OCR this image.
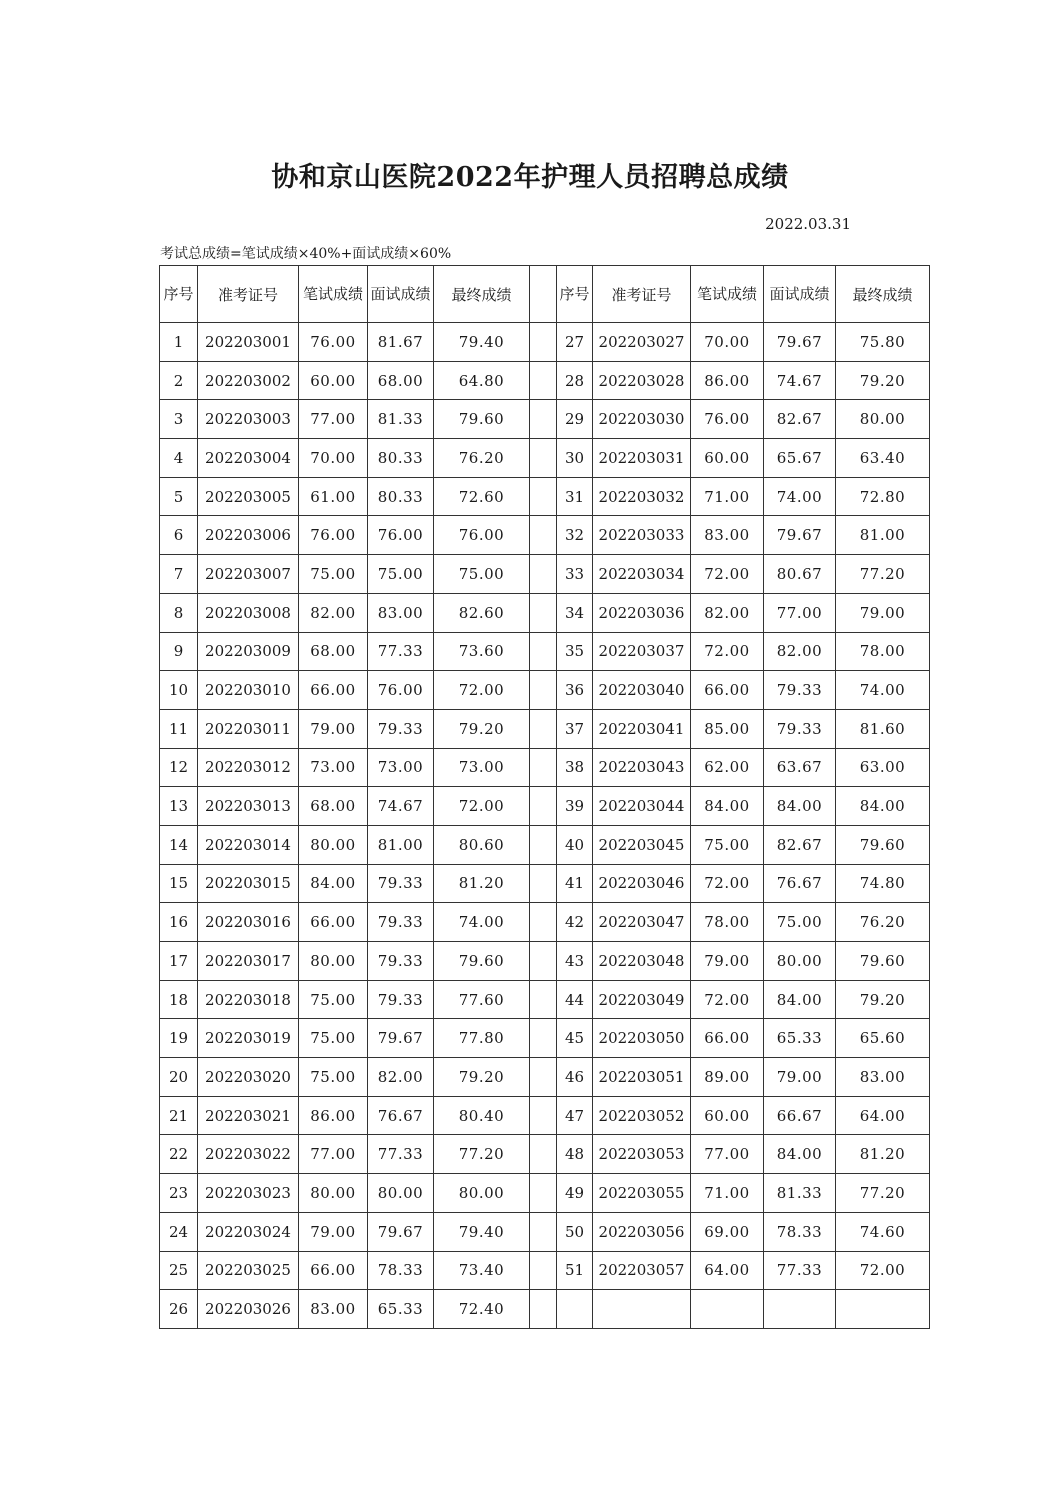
协和京山医院2022年护理人员招聘总成绩
2022.03.31
考试总成绩=笔试成绩×40%+面试成绩×60%
序号	准考证号	笔试成绩	面试成绩	最终成绩		序号	准考证号	笔试成绩	面试成绩	最终成绩
1	202203001	76.00	81.67	79.40		27	202203027	70.00	79.67	75.80
2	202203002	60.00	68.00	64.80		28	202203028	86.00	74.67	79.20
3	202203003	77.00	81.33	79.60		29	202203030	76.00	82.67	80.00
4	202203004	70.00	80.33	76.20		30	202203031	60.00	65.67	63.40
5	202203005	61.00	80.33	72.60		31	202203032	71.00	74.00	72.80
6	202203006	76.00	76.00	76.00		32	202203033	83.00	79.67	81.00
7	202203007	75.00	75.00	75.00		33	202203034	72.00	80.67	77.20
8	202203008	82.00	83.00	82.60		34	202203036	82.00	77.00	79.00
9	202203009	68.00	77.33	73.60		35	202203037	72.00	82.00	78.00
10	202203010	66.00	76.00	72.00		36	202203040	66.00	79.33	74.00
11	202203011	79.00	79.33	79.20		37	202203041	85.00	79.33	81.60
12	202203012	73.00	73.00	73.00		38	202203043	62.00	63.67	63.00
13	202203013	68.00	74.67	72.00		39	202203044	84.00	84.00	84.00
14	202203014	80.00	81.00	80.60		40	202203045	75.00	82.67	79.60
15	202203015	84.00	79.33	81.20		41	202203046	72.00	76.67	74.80
16	202203016	66.00	79.33	74.00		42	202203047	78.00	75.00	76.20
17	202203017	80.00	79.33	79.60		43	202203048	79.00	80.00	79.60
18	202203018	75.00	79.33	77.60		44	202203049	72.00	84.00	79.20
19	202203019	75.00	79.67	77.80		45	202203050	66.00	65.33	65.60
20	202203020	75.00	82.00	79.20		46	202203051	89.00	79.00	83.00
21	202203021	86.00	76.67	80.40		47	202203052	60.00	66.67	64.00
22	202203022	77.00	77.33	77.20		48	202203053	77.00	84.00	81.20
23	202203023	80.00	80.00	80.00		49	202203055	71.00	81.33	77.20
24	202203024	79.00	79.67	79.40		50	202203056	69.00	78.33	74.60
25	202203025	66.00	78.33	73.40		51	202203057	64.00	77.33	72.00
26	202203026	83.00	65.33	72.40						
